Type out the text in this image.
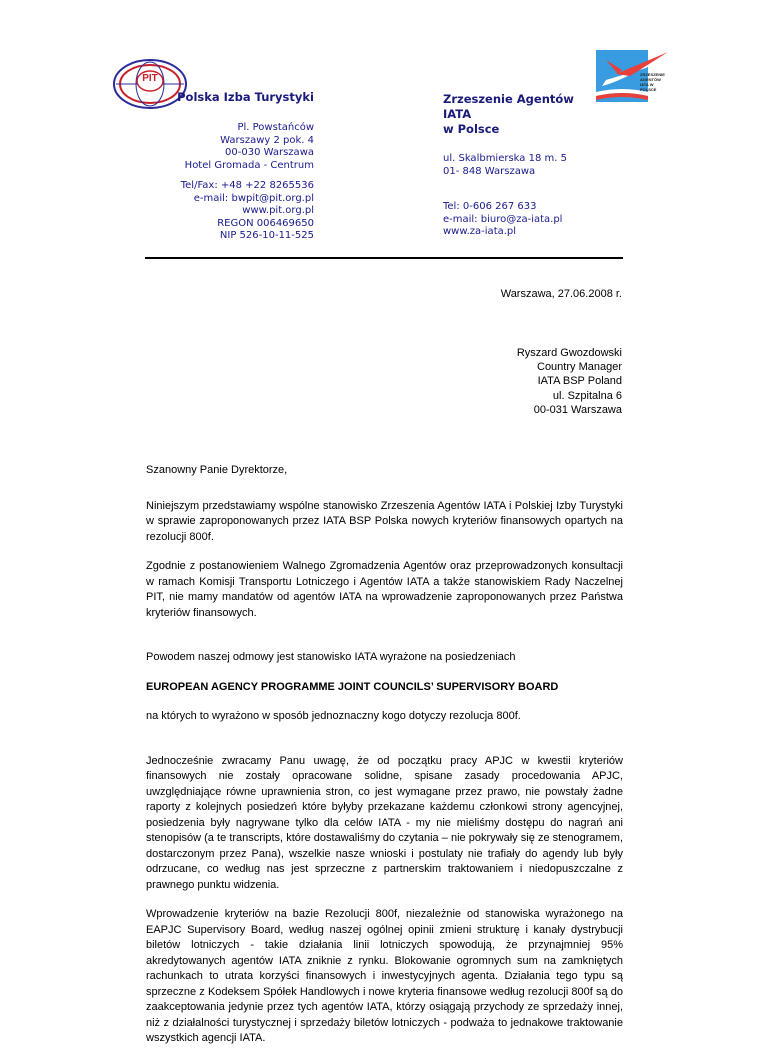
PIT
Polska Izba Turystyki
Pl. Powstańców
Warszawy 2 pok. 4
00-030 Warszawa
Hotel Gromada - Centrum
Tel/Fax: +48 +22 8265536
e-mail: bwpit@pit.org.pl
www.pit.org.pl
REGON 006469650
NIP 526-10-11-525
ZRZESZENIE AGENTÓW IATA W POLSCE
Zrzeszenie Agentów
IATA
w Polsce
ul. Skalbmierska 18 m. 5
01- 848 Warszawa
Tel: 0-606 267 633
e-mail: biuro@za-iata.pl
www.za-iata.pl
Warszawa, 27.06.2008 r.
Ryszard Gwozdowski
Country Manager
IATA BSP Poland
ul. Szpitalna 6
00-031 Warszawa

Szanowny Panie Dyrektorze,

Niniejszym przedstawiamy wspólne stanowisko Zrzeszenia Agentów IATA i Polskiej Izby Turystyki w sprawie zaproponowanych przez IATA BSP Polska nowych kryteriów finansowych opartych na rezolucji 800f.

Zgodnie z postanowieniem Walnego Zgromadzenia Agentów oraz przeprowadzonych konsultacji w ramach Komisji Transportu Lotniczego i Agentów IATA a także stanowiskiem Rady Naczelnej PIT, nie mamy mandatów od agentów IATA na wprowadzenie zaproponowanych przez Państwa kryteriów finansowych.

Powodem naszej odmowy jest stanowisko IATA wyrażone na posiedzeniach

EUROPEAN AGENCY PROGRAMME JOINT COUNCILS’ SUPERVISORY BOARD

na których to wyrażono w sposób jednoznaczny kogo dotyczy rezolucja 800f.

Jednocześnie zwracamy Panu uwagę, że od początku pracy APJC w kwestii kryteriów finansowych nie zostały opracowane solidne, spisane zasady procedowania APJC, uwzględniające równe uprawnienia stron, co jest wymagane przez prawo, nie powstały żadne raporty z kolejnych posiedzeń które byłyby przekazane każdemu członkowi strony agencyjnej, posiedzenia były nagrywane tylko dla celów IATA - my nie mieliśmy dostępu do nagrań ani stenopisów (a te transcripts, które dostawaliśmy do czytania – nie pokrywały się ze stenogramem, dostarczonym przez Pana), wszelkie nasze wnioski i postulaty nie trafiały do agendy lub były odrzucane, co według nas jest sprzeczne z partnerskim traktowaniem i niedopuszczalne z prawnego punktu widzenia.

Wprowadzenie kryteriów na bazie Rezolucji 800f, niezależnie od stanowiska wyrażonego na EAPJC Supervisory Board, według naszej ogólnej opinii zmieni strukturę i kanały dystrybucji biletów lotniczych - takie działania linii lotniczych spowodują, że przynajmniej 95% akredytowanych agentów IATA zniknie z rynku. Blokowanie ogromnych sum na zamkniętych rachunkach to utrata korzyści finansowych i inwestycyjnych agenta. Działania tego typu są sprzeczne z Kodeksem Spółek Handlowych i nowe kryteria finansowe według rezolucji 800f są do zaakceptowania jedynie przez tych agentów IATA, którzy osiągają przychody ze sprzedaży innej, niż z działalności turystycznej i sprzedaży biletów lotniczych - podważa to jednakowe traktowanie wszystkich agencji IATA.
